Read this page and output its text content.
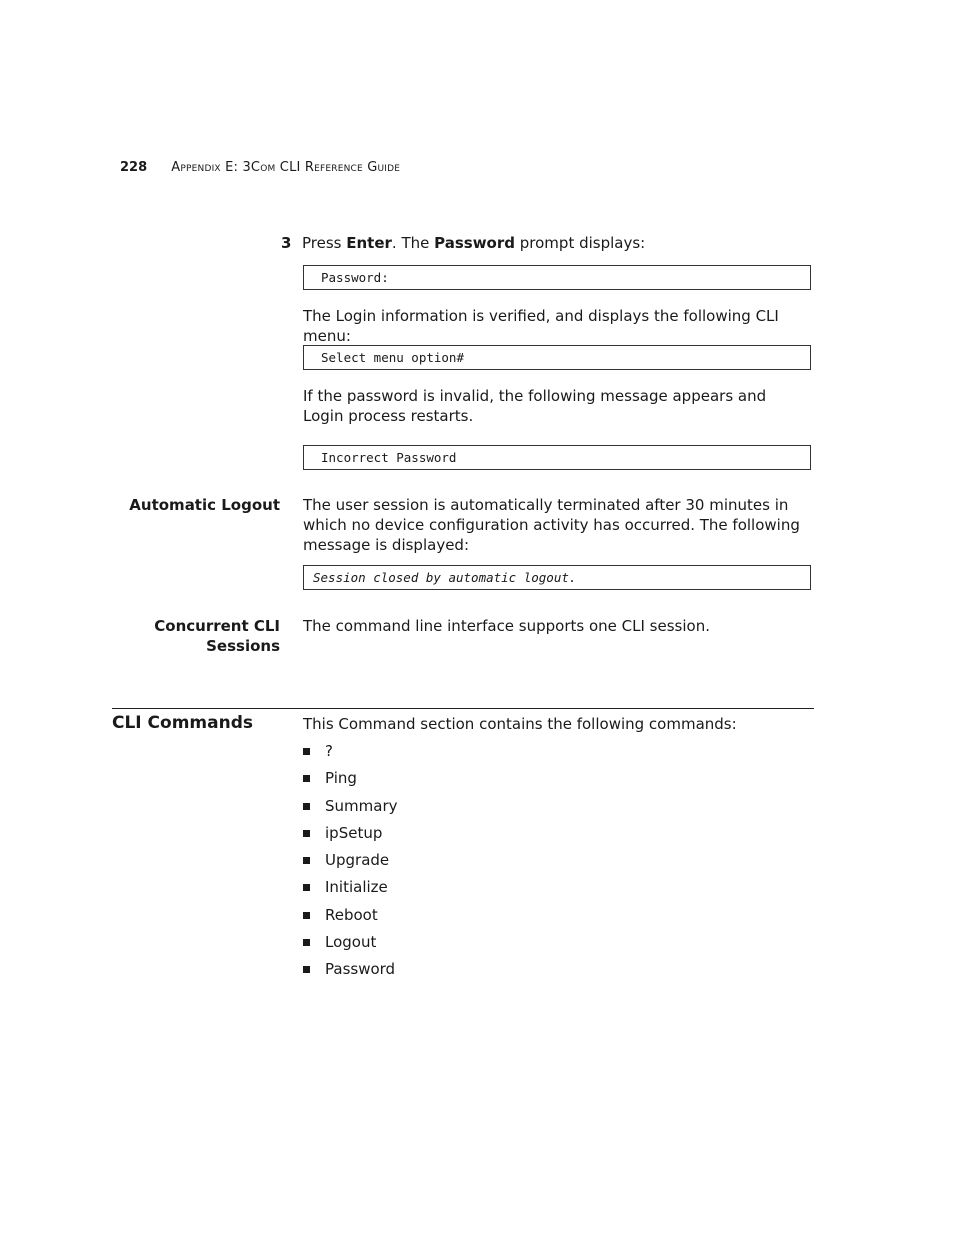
228 Appendix E: 3Com CLI Reference Guide
3 Press Enter. The Password prompt displays:
Password:
The Login information is verified, and displays the following CLI menu:
Select menu option#
If the password is invalid, the following message appears and Login process restarts.
Incorrect Password
Automatic Logout The user session is automatically terminated after 30 minutes in which no device configuration activity has occurred. The following message is displayed:
Session closed by automatic logout.
Concurrent CLI
Sessions
The command line interface supports one CLI session.
CLI Commands	This Command section contains the following commands:
?
Ping
Summary
ipSetup
Upgrade
Initialize
Reboot
Logout
Password
